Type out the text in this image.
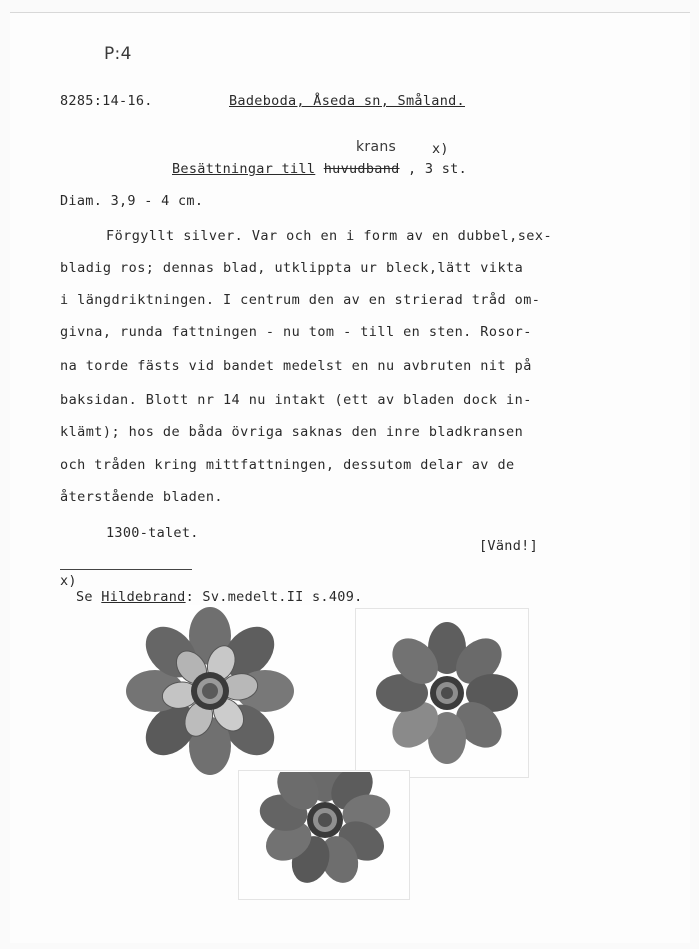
P:4
8285:14-16.	Badeboda, Åseda sn, Småland.
krans	x)
Besättningar till huvudband , 3 st.
Diam. 3,9 - 4 cm.
Förgyllt silver. Var och en i form av en dubbel,sex-
bladig ros; dennas blad, utklippta ur bleck,lätt vikta
i längdriktningen. I centrum den av en strierad tråd om-
givna, runda fattningen - nu tom - till en sten. Rosor-
na torde fästs vid bandet medelst en nu avbruten nit på
baksidan. Blott nr 14 nu intakt (ett av bladen dock in-
klämt); hos de båda övriga saknas den inre bladkransen
och tråden kring mittfattningen, dessutom delar av de
återstående bladen.
1300-talet.
[Vänd!]
x)
Se Hildebrand: Sv.medelt.II s.409.
